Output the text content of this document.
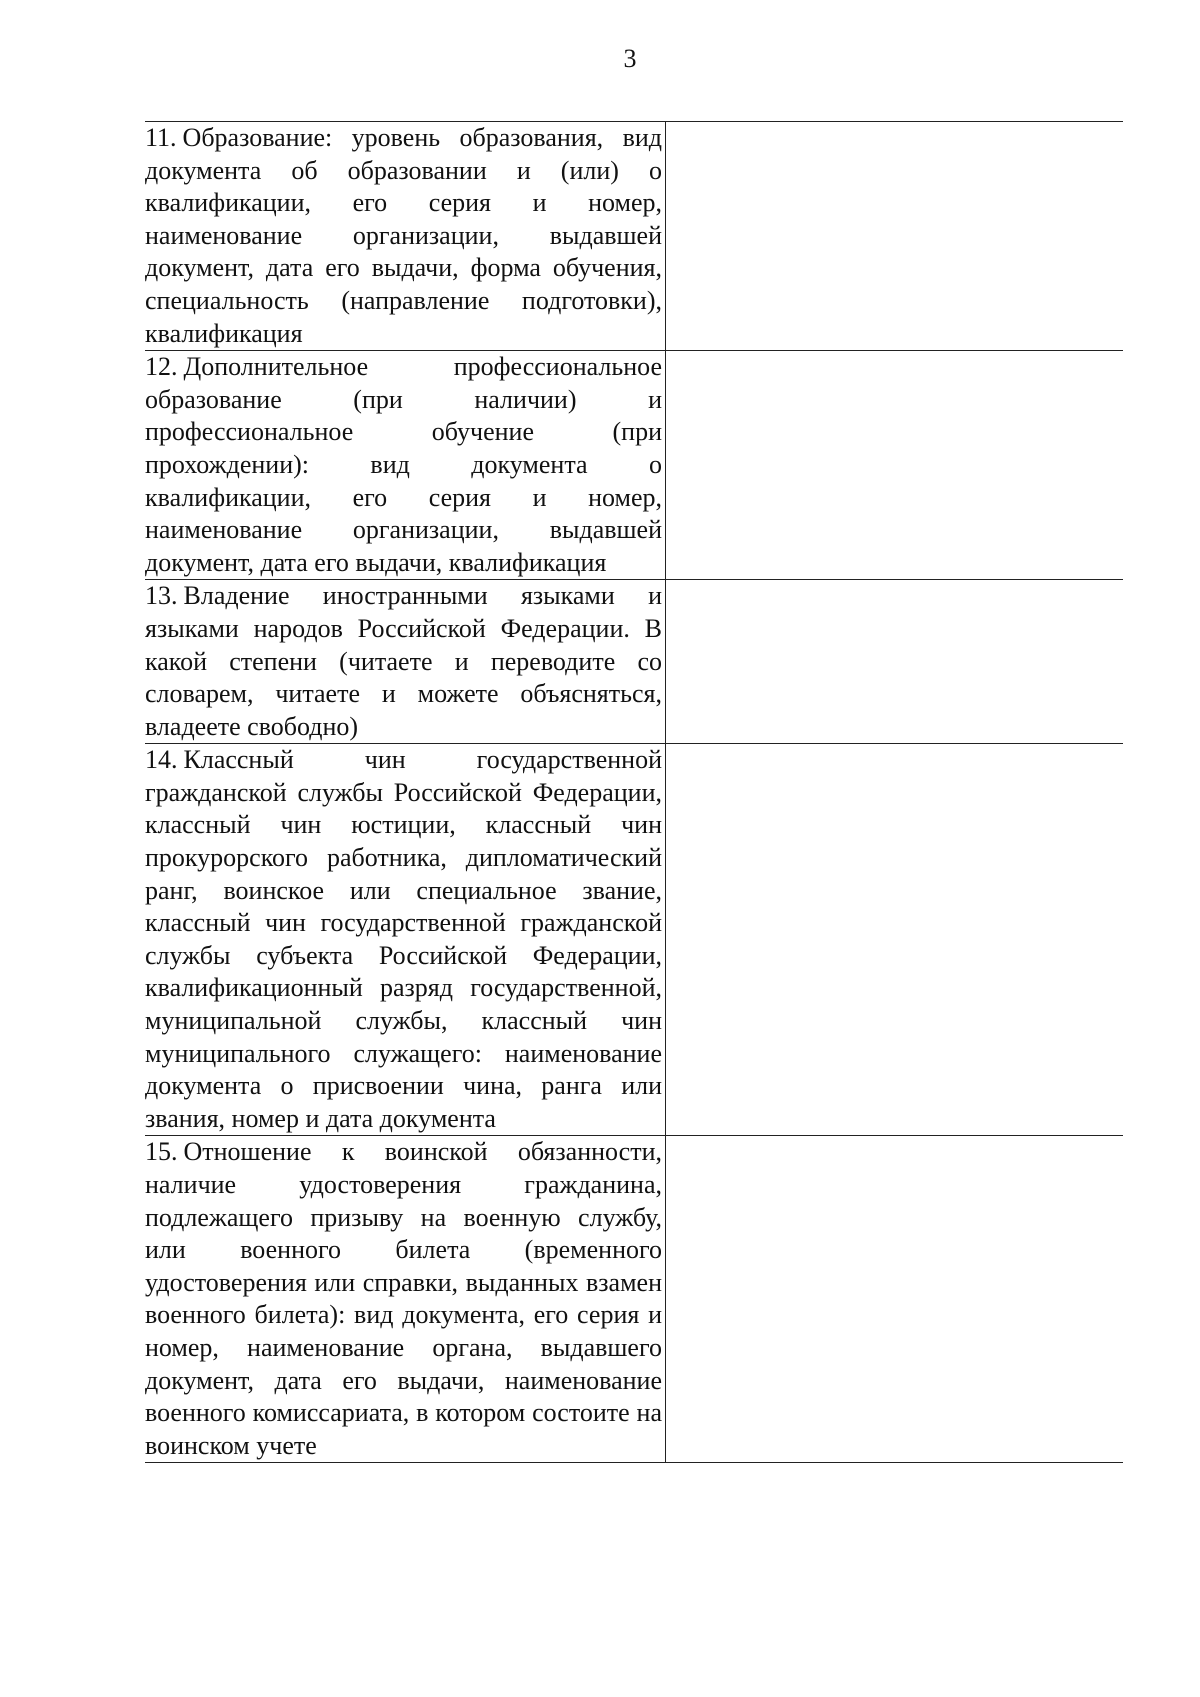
3
11. Образование: уровень образования, вид документа об образовании и (или) о квалификации, его серия и номер, наименование организации, выдавшей документ, дата его выдачи, форма обучения, специальность (направление подготовки), квалификация	

12. Дополнительное профессиональное образование (при наличии) и профессиональное обучение (при прохождении): вид документа о квалификации, его серия и номер, наименование организации, выдавшей документ, дата его выдачи, квалификация	

13. Владение иностранными языками и языками народов Российской Федерации. В какой степени (читаете и переводите со словарем, читаете и можете объясняться, владеете свободно)	

14. Классный чин государственной гражданской службы Российской Федерации, классный чин юстиции, классный чин прокурорского работника, дипломатический ранг, воинское или специальное звание, классный чин государственной гражданской службы субъекта Российской Федерации, квалификационный разряд государственной, муниципальной службы, классный чин муниципального служащего: наименование документа о присвоении чина, ранга или звания, номер и дата документа	

15. Отношение к воинской обязанности, наличие удостоверения гражданина, подлежащего призыву на военную службу, или военного билета (временного удостоверения или справки, выданных взамен военного билета): вид документа, его серия и номер, наименование органа, выдавшего документ, дата его выдачи, наименование военного комиссариата, в котором состоите на воинском учете	
